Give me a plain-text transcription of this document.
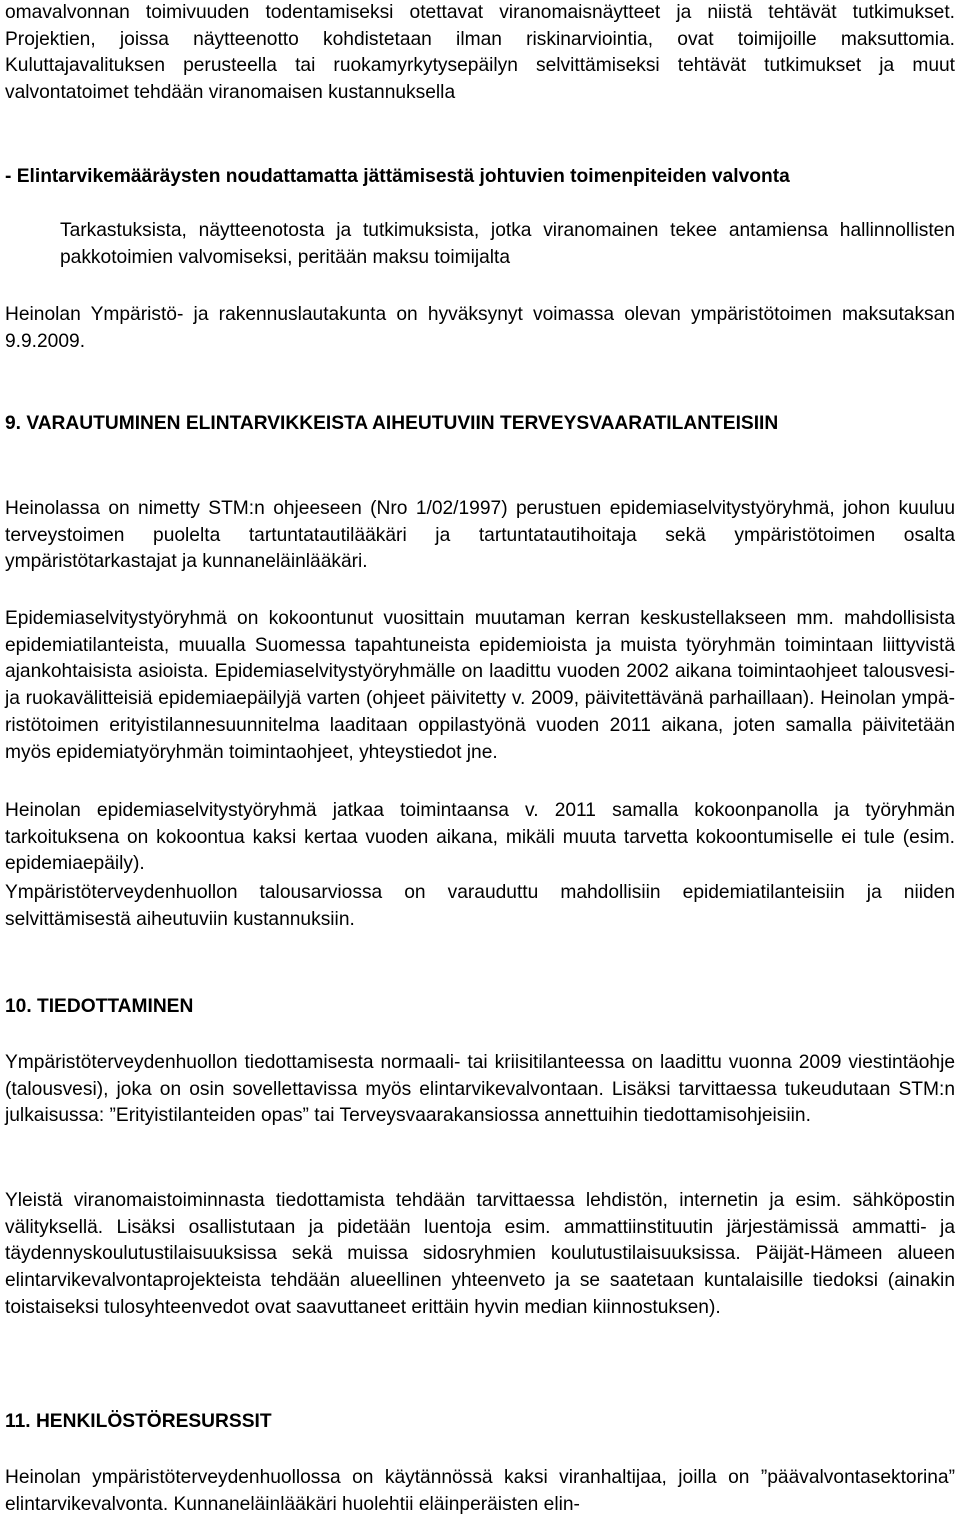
omavalvonnan toimivuuden todentamiseksi otettavat viranomaisnäytteet ja niistä tehtävät tutkimukset. Projektien, joissa näytteenotto kohdistetaan ilman riskinarviointia, ovat toimijoille maksuttomia. Kuluttajavalituksen perusteella tai ruokamyrkytysepäilyn selvittämiseksi tehtävät tutkimukset ja muut valvontatoimet tehdään viranomaisen kustannuksella

- Elintarvikemääräysten noudattamatta jättämisestä johtuvien toimenpiteiden valvonta

Tarkastuksista, näytteenotosta ja tutkimuksista, jotka viranomainen tekee antamiensa hallinnollisten pakkotoimien valvomiseksi, peritään maksu toimijalta

Heinolan Ympäristö- ja rakennuslautakunta on hyväksynyt voimassa olevan ympäristötoimen maksutaksan 9.9.2009.

9. VARAUTUMINEN ELINTARVIKKEISTA AIHEUTUVIIN TERVEYSVAARATILANTEISIIN

Heinolassa on nimetty STM:n ohjeeseen (Nro 1/02/1997) perustuen epidemiaselvitystyöryhmä, johon kuuluu terveystoimen puolelta tartuntatautilääkäri ja tartuntatautihoitaja sekä ympäristötoimen osalta ympäristötarkastajat ja kunnaneläinlääkäri.

Epidemiaselvitystyöryhmä on kokoontunut vuosittain muutaman kerran keskustellakseen mm. mahdollisista epidemiatilanteista, muualla Suomessa tapahtuneista epidemioista ja muista työryhmän toimintaan liittyvistä ajankohtaisista asioista. Epidemiaselvitystyöryhmälle on laadittu vuoden 2002 aikana toimintaohjeet talousvesi- ja ruokavälitteisiä epidemiaepäilyjä varten (ohjeet päivitetty v. 2009, päivitettävänä parhaillaan). Heinolan ympäristötoimen erityistilannesuunnitelma laaditaan oppilastyönä vuoden 2011 aikana, joten samalla päivitetään myös epidemiatyöryhmän toimintaohjeet, yhteystiedot jne.

Heinolan epidemiaselvitystyöryhmä jatkaa toimintaansa v. 2011 samalla kokoonpanolla ja työryhmän tarkoituksena on kokoontua kaksi kertaa vuoden aikana, mikäli muuta tarvetta kokoontumiselle ei tule (esim. epidemiaepäily).

Ympäristöterveydenhuollon talousarviossa on varauduttu mahdollisiin epidemiatilanteisiin ja niiden selvittämisestä aiheutuviin kustannuksiin.

10. TIEDOTTAMINEN

Ympäristöterveydenhuollon tiedottamisesta normaali- tai kriisitilanteessa on laadittu vuonna 2009 viestintäohje (talousvesi), joka on osin sovellettavissa myös elintarvikevalvontaan. Lisäksi tarvittaessa tukeudutaan STM:n julkaisussa: ”Erityistilanteiden opas” tai Terveysvaarakansiossa annettuihin tiedottamisohjeisiin.

Yleistä viranomaistoiminnasta tiedottamista tehdään tarvittaessa lehdistön, internetin ja esim. sähköpostin välityksellä. Lisäksi osallistutaan ja pidetään luentoja esim. ammattiinstituutin järjestämissä ammatti- ja täydennyskoulutustilaisuuksissa sekä muissa sidosryhmien koulutustilaisuuksissa. Päijät-Hämeen alueen elintarvikevalvontaprojekteista tehdään alueellinen yhteenveto ja se saatetaan kuntalaisille tiedoksi (ainakin toistaiseksi tulosyhteenvedot ovat saavuttaneet erittäin hyvin median kiinnostuksen).

11. HENKILÖSTÖRESURSSIT

Heinolan ympäristöterveydenhuollossa on käytännössä kaksi viranhaltijaa, joilla on ”päävalvontasektorina” elintarvikevalvonta. Kunnaneläinlääkäri huolehtii eläinperäisten elin-
